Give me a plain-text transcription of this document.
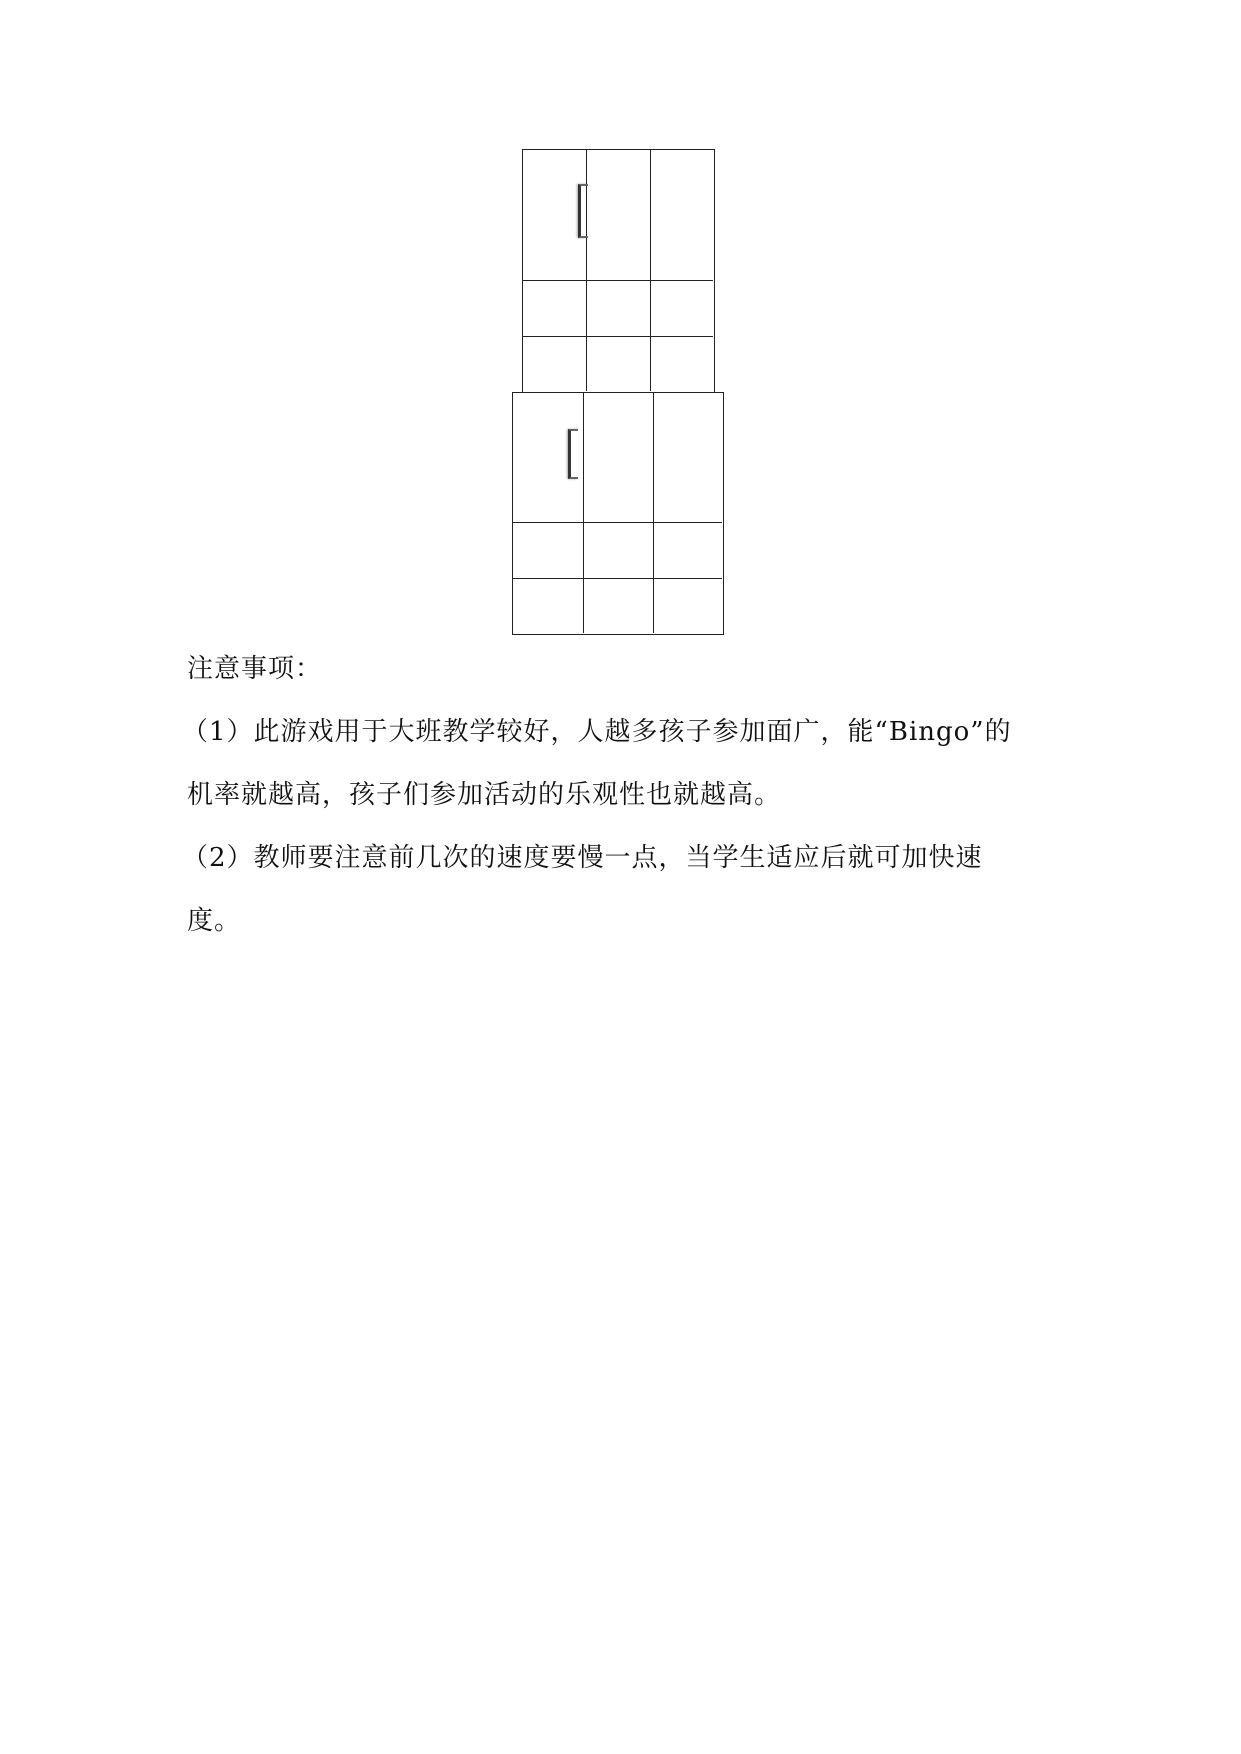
注意事项：
（1）此游戏用于大班教学较好，人越多孩子参加面广，能“Bingo”的
机率就越高，孩子们参加活动的乐观性也就越高。
（2）教师要注意前几次的速度要慢一点，当学生适应后就可加快速
度。
